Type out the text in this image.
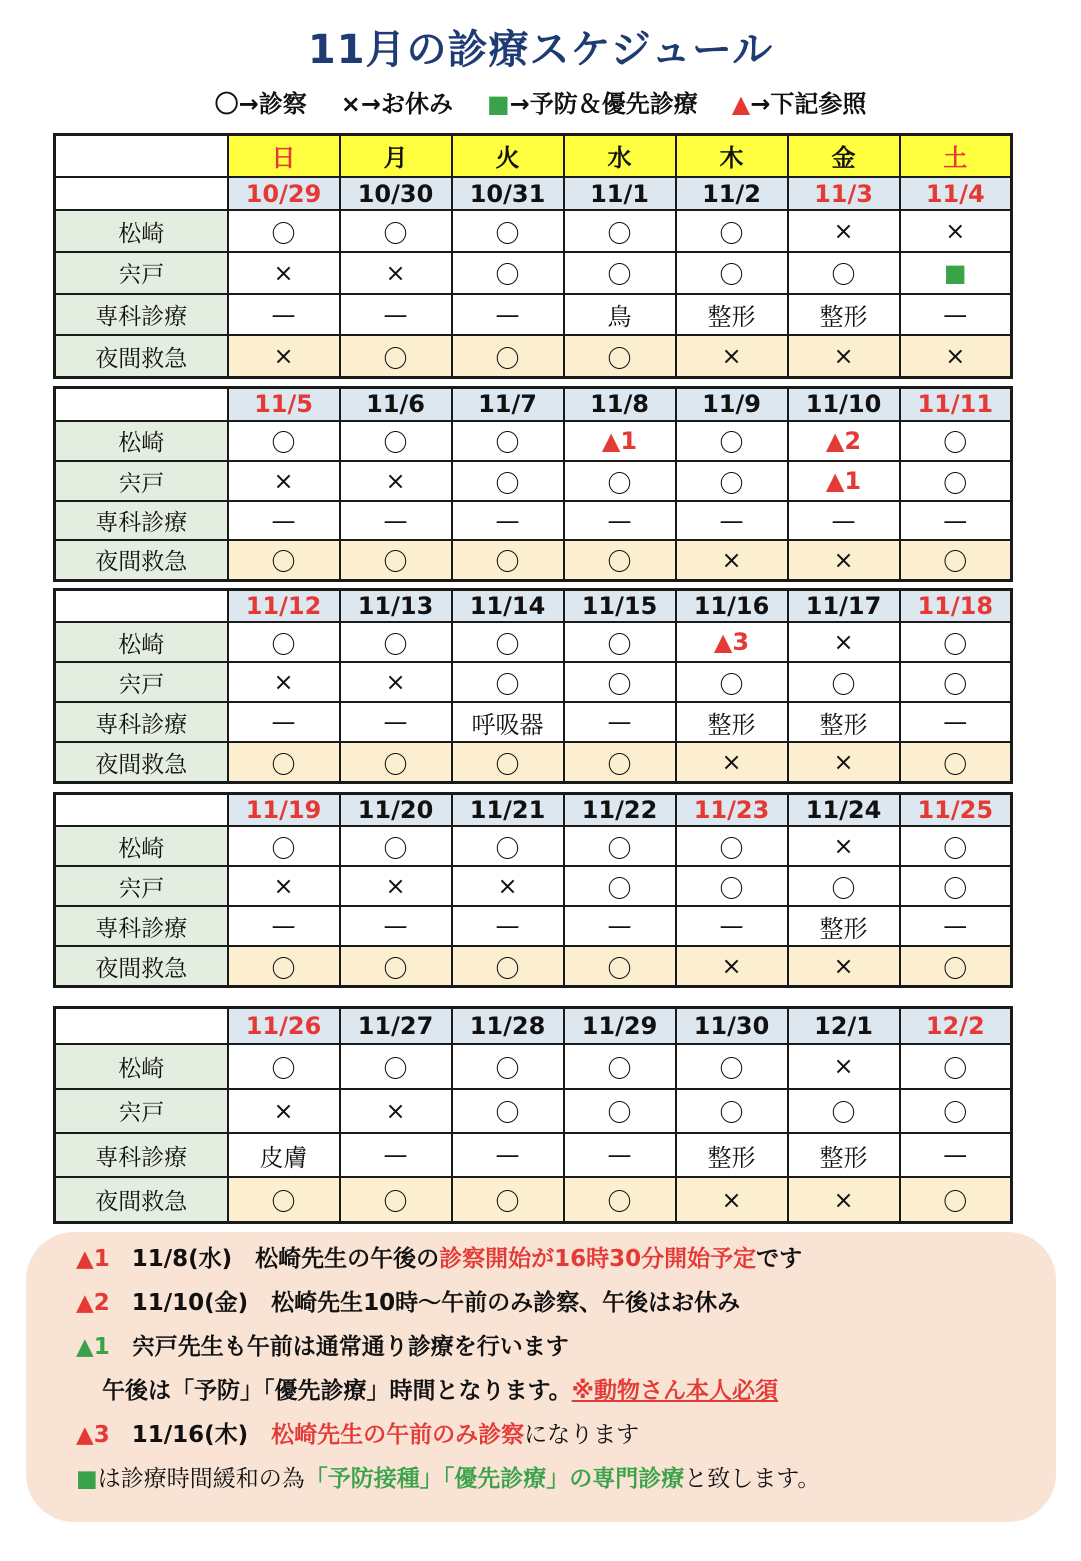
11月の診療スケジュール
〇→診察 ×→お休み ■→予防＆優先診療 ▲→下記参照
	日	月	火	水	木	金	土
	10/29	10/30	10/31	11/1	11/2	11/3	11/4
松崎	〇	〇	〇	〇	〇	×	×
宍戸	×	×	〇	〇	〇	〇	■
専科診療	—	—	—	鳥	整形	整形	—
夜間救急	×	〇	〇	〇	×	×	×
	11/5	11/6	11/7	11/8	11/9	11/10	11/11
松崎	〇	〇	〇	▲1	〇	▲2	〇
宍戸	×	×	〇	〇	〇	▲1	〇
専科診療	—	—	—	—	—	—	—
夜間救急	〇	〇	〇	〇	×	×	〇
	11/12	11/13	11/14	11/15	11/16	11/17	11/18
松崎	〇	〇	〇	〇	▲3	×	〇
宍戸	×	×	〇	〇	〇	〇	〇
専科診療	—	—	呼吸器	—	整形	整形	—
夜間救急	〇	〇	〇	〇	×	×	〇
	11/19	11/20	11/21	11/22	11/23	11/24	11/25
松崎	〇	〇	〇	〇	〇	×	〇
宍戸	×	×	×	〇	〇	〇	〇
専科診療	—	—	—	—	—	整形	—
夜間救急	〇	〇	〇	〇	×	×	〇
	11/26	11/27	11/28	11/29	11/30	12/1	12/2
松崎	〇	〇	〇	〇	〇	×	〇
宍戸	×	×	〇	〇	〇	〇	〇
専科診療	皮膚	—	—	—	整形	整形	—
夜間救急	〇	〇	〇	〇	×	×	〇
▲1 11/8(水)　松崎先生の午後の診察開始が16時30分開始予定です
▲2 11/10(金)　松崎先生10時～午前のみ診察、午後はお休み
▲1 宍戸先生も午前は通常通り診療を行います
午後は「予防」「優先診療」時間となります。※動物さん本人必須
▲3 11/16(木)　松崎先生の午前のみ診察になります
■は診療時間緩和の為「予防接種」「優先診療」の専門診療と致します。
